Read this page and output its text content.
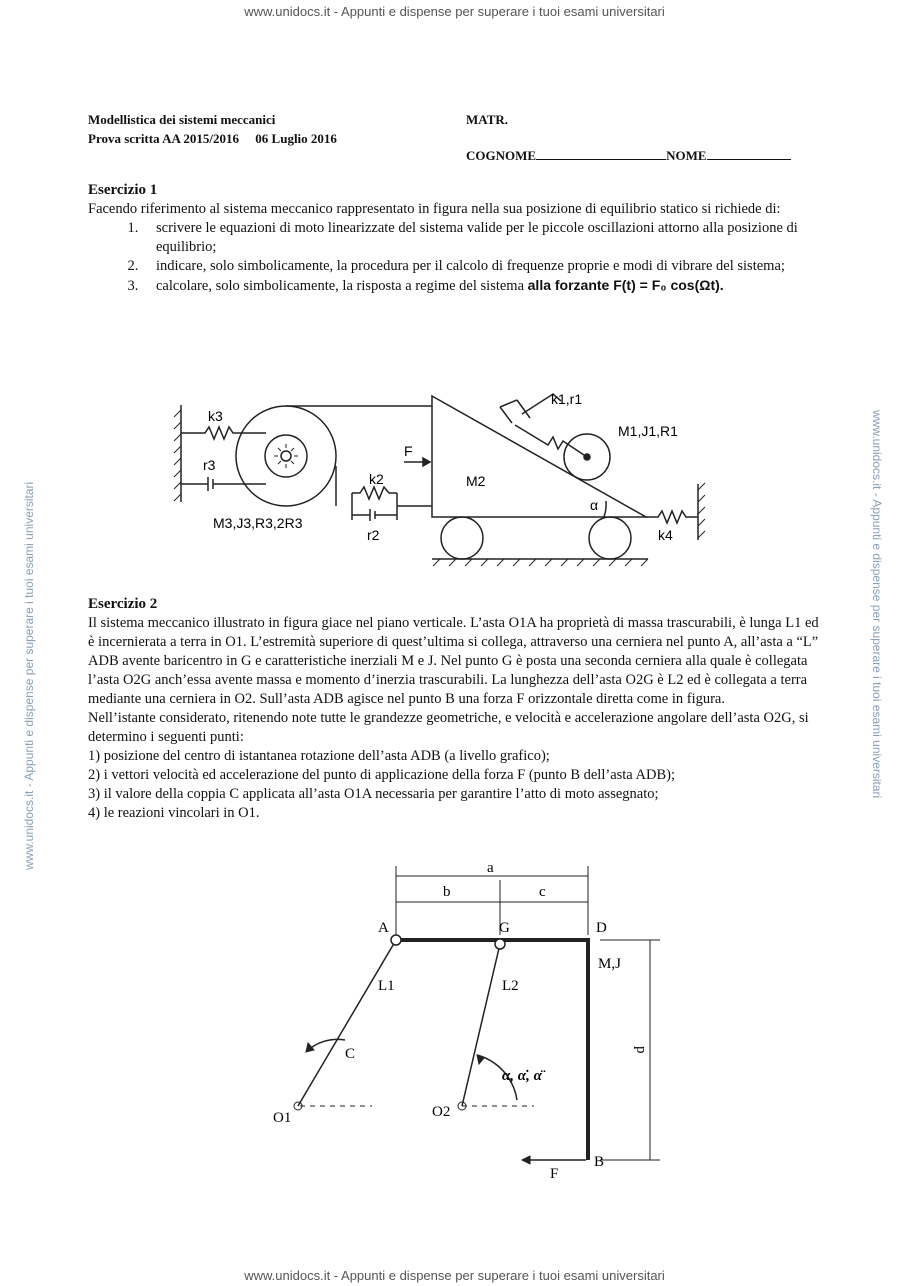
www.unidocs.it - Appunti e dispense per superare i tuoi esami universitari
www.unidocs.it - Appunti e dispense per superare i tuoi esami universitari	www.unidocs.it - Appunti e dispense per superare i tuoi esami universitari
Modellistica dei sistemi meccanici
Prova scritta AA 2015/2016     06 Luglio 2016
MATR.
COGNOME	NOME
Esercizio 1

Facendo riferimento al sistema meccanico rappresentato in figura nella sua posizione di equilibrio statico si richiede di:

1. scrivere le equazioni di moto linearizzate del sistema valide per le piccole oscillazioni attorno alla posizione di equilibrio;
2. indicare, solo simbolicamente, la procedura per il calcolo di frequenze proprie e modi di vibrare del sistema;
3. calcolare, solo simbolicamente, la risposta a regime del sistema alla forzante F(t) = F₀ cos(Ωt).
k3
r3
F
k2
r2
M2
k1,r1
M1,J1,R1
α
k4
M3,J3,R3,2R3
Esercizio 2

Il sistema meccanico illustrato in figura giace nel piano verticale. L’asta O1A ha proprietà di massa trascurabili, è lunga L1 ed è incernierata a terra in O1. L’estremità superiore di quest’ultima si collega, attraverso una cerniera nel punto A, all’asta a “L” ADB avente baricentro in G e caratteristiche inerziali M e J. Nel punto G è posta una seconda cerniera alla quale è collegata l’asta O2G anch’essa avente massa e momento d’inerzia trascurabili. La lunghezza dell’asta O2G è L2 ed è collegata a terra mediante una cerniera in O2. Sull’asta ADB agisce nel punto B una forza F orizzontale diretta come in figura.

Nell’istante considerato, ritenendo note tutte le grandezze geometriche, e velocità e accelerazione angolare dell’asta O2G, si determino i seguenti punti:

1) posizione del centro di istantanea rotazione dell’asta ADB (a livello grafico);
2) i vettori velocità ed accelerazione del punto di applicazione della forza F (punto B dell’asta ADB);
3) il valore della coppia C applicata all’asta O1A necessaria per garantire l’atto di moto assegnato;
4) le reazioni vincolari in O1.
a
b	c
A	G	D
M,J
L1	L2
C	p
O1	O2
α, α̇, α̈
B
F
www.unidocs.it - Appunti e dispense per superare i tuoi esami universitari
